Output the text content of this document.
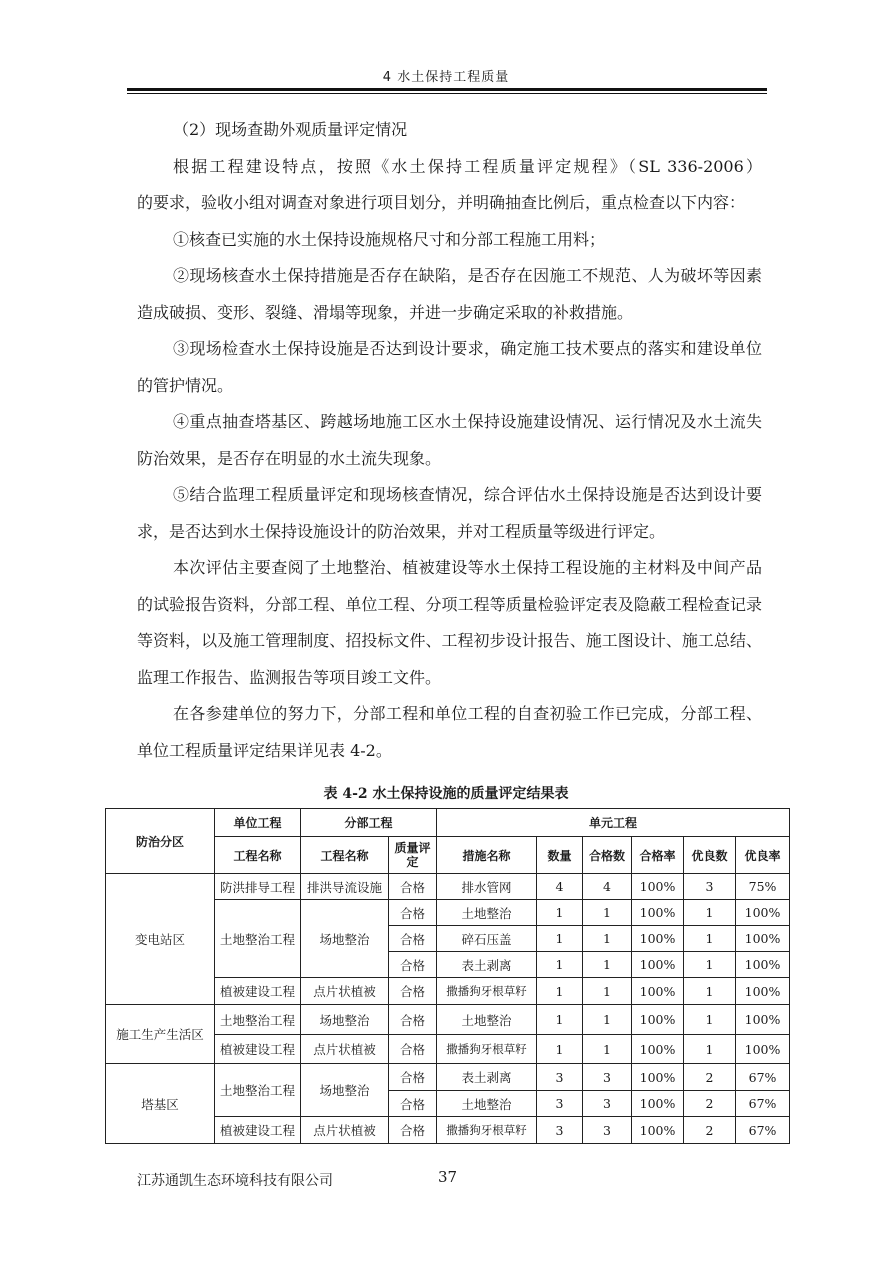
4 水土保持工程质量

（2）现场查勘外观质量评定情况

根据工程建设特点，按照《水土保持工程质量评定规程》（SL 336-2006）

的要求，验收小组对调查对象进行项目划分，并明确抽查比例后，重点检查以下内容：

①核查已实施的水土保持设施规格尺寸和分部工程施工用料；

②现场核查水土保持措施是否存在缺陷，是否存在因施工不规范、人为破坏等因素造成破损、变形、裂缝、滑塌等现象，并进一步确定采取的补救措施。

③现场检查水土保持设施是否达到设计要求，确定施工技术要点的落实和建设单位的管护情况。

④重点抽查塔基区、跨越场地施工区水土保持设施建设情况、运行情况及水土流失防治效果，是否存在明显的水土流失现象。

⑤结合监理工程质量评定和现场核查情况，综合评估水土保持设施是否达到设计要求，是否达到水土保持设施设计的防治效果，并对工程质量等级进行评定。

本次评估主要查阅了土地整治、植被建设等水土保持工程设施的主材料及中间产品的试验报告资料，分部工程、单位工程、分项工程等质量检验评定表及隐蔽工程检查记录等资料，以及施工管理制度、招投标文件、工程初步设计报告、施工图设计、施工总结、监理工作报告、监测报告等项目竣工文件。

在各参建单位的努力下，分部工程和单位工程的自查初验工作已完成，分部工程、单位工程质量评定结果详见表 4-2。

表 4-2 水土保持设施的质量评定结果表
防治分区	单位工程	分部工程		单元工程					
	工程名称	工程名称	质量评定	措施名称	数量	合格数	合格率	优良数	优良率
变电站区	防洪排导工程	排洪导流设施	合格	排水管网	4	4	100%	3	75%
	土地整治工程	场地整治	合格	土地整治	1	1	100%	1	100%
			合格	碎石压盖	1	1	100%	1	100%
			合格	表土剥离	1	1	100%	1	100%
	植被建设工程	点片状植被	合格	撒播狗牙根草籽	1	1	100%	1	100%
施工生产生活区	土地整治工程	场地整治	合格	土地整治	1	1	100%	1	100%
	植被建设工程	点片状植被	合格	撒播狗牙根草籽	1	1	100%	1	100%
塔基区	土地整治工程	场地整治	合格	表土剥离	3	3	100%	2	67%
			合格	土地整治	3	3	100%	2	67%
	植被建设工程	点片状植被	合格	撒播狗牙根草籽	3	3	100%	2	67%
江苏通凯生态环境科技有限公司	37
